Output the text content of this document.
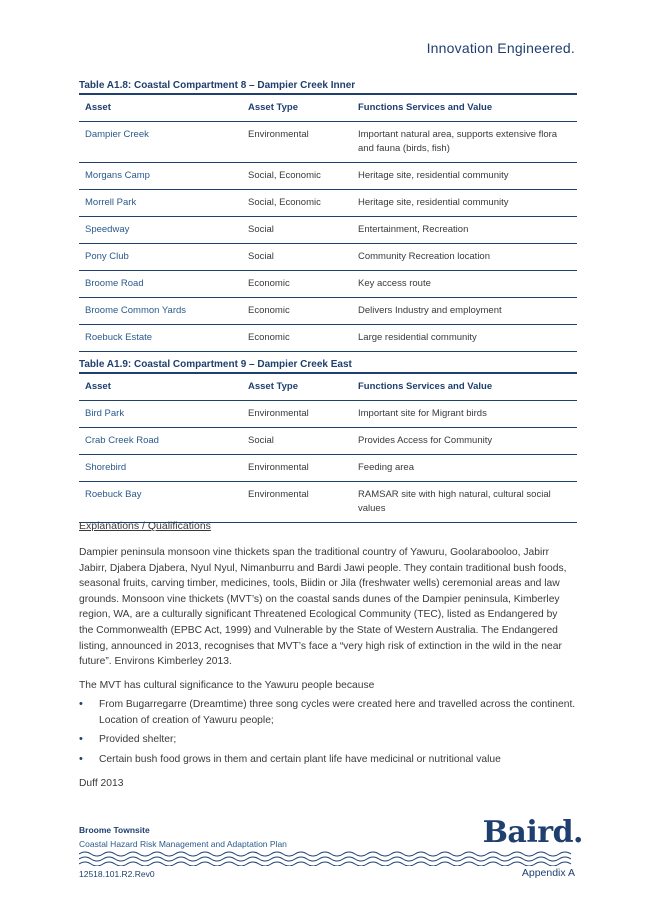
Innovation Engineered.
Table A1.8: Coastal Compartment 8 – Dampier Creek Inner
Asset	Asset Type	Functions Services and Value
Dampier Creek	Environmental	Important natural area, supports extensive flora and fauna (birds, fish)
Morgans Camp	Social, Economic	Heritage site, residential community
Morrell Park	Social, Economic	Heritage site, residential community
Speedway	Social	Entertainment, Recreation
Pony Club	Social	Community Recreation location
Broome Road	Economic	Key access route
Broome Common Yards	Economic	Delivers Industry and employment
Roebuck Estate	Economic	Large residential community
Table A1.9: Coastal Compartment 9 – Dampier Creek East
Asset	Asset Type	Functions Services and Value
Bird Park	Environmental	Important site for Migrant birds
Crab Creek Road	Social	Provides Access for Community
Shorebird	Environmental	Feeding area
Roebuck Bay	Environmental	RAMSAR site with high natural, cultural social values
Explanations / Qualifications

Dampier peninsula monsoon vine thickets span the traditional country of Yawuru, Goolarabooloo, Jabirr Jabirr, Djabera Djabera, Nyul Nyul, Nimanburru and Bardi Jawi people. They contain traditional bush foods, seasonal fruits, carving timber, medicines, tools, Biidin or Jila (freshwater wells) ceremonial areas and law grounds. Monsoon vine thickets (MVT’s) on the coastal sands dunes of the Dampier peninsula, Kimberley region, WA, are a culturally significant Threatened Ecological Community (TEC), listed as Endangered by the Commonwealth (EPBC Act, 1999) and Vulnerable by the State of Western Australia. The Endangered listing, announced in 2013, recognises that MVT’s face a “very high risk of extinction in the wild in the near future”. Environs Kimberley 2013.

The MVT has cultural significance to the Yawuru people because

• From Bugarregarre (Dreamtime) three song cycles were created here and travelled across the continent. Location of creation of Yawuru people;
• Provided shelter;
• Certain bush food grows in them and certain plant life have medicinal or nutritional value

Duff 2013

Broome Townsite
Coastal Hazard Risk Management and Adaptation Plan	Baird.
12518.101.R2.Rev0	Appendix A
